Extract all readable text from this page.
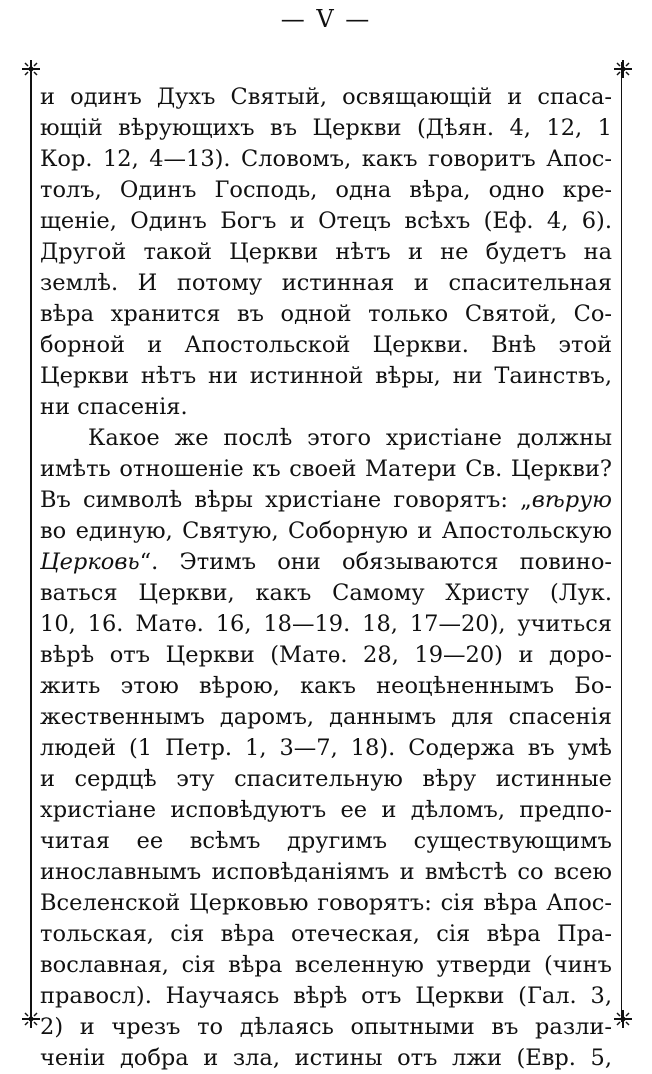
— V —
и одинъ Духъ Святый, освящающій и спаса-
ющій вѣрующихъ въ Церкви (Дѣян. 4, 12, 1
Кор. 12, 4—13). Словомъ, какъ говоритъ Апос-
толъ, Одинъ Господь, одна вѣра, одно кре-
щеніе, Одинъ Богъ и Отецъ всѣхъ (Еф. 4, 6).
Другой такой Церкви нѣтъ и не будетъ на
землѣ. И потому истинная и спасительная
вѣра хранится въ одной только Святой, Со-
борной и Апостольской Церкви. Внѣ этой
Церкви нѣтъ ни истинной вѣры, ни Таинствъ,
ни спасенія.
Какое же послѣ этого христіане должны
имѣть отношеніе къ своей Матери Св. Церкви?
Въ символѣ вѣры христіане говорятъ: „вѣрую
во единую, Святую, Соборную и Апостольскую
Церковь“. Этимъ они обязываются повино-
ваться Церкви, какъ Самому Христу (Лук.
10, 16. Матѳ. 16, 18—19. 18, 17—20), учиться
вѣрѣ отъ Церкви (Матѳ. 28, 19—20) и доро-
жить этою вѣрою, какъ неоцѣненнымъ Бо-
жественнымъ даромъ, даннымъ для спасенія
людей (1 Петр. 1, 3—7, 18). Содержа въ умѣ
и сердцѣ эту спасительную вѣру истинные
христіане исповѣдуютъ ее и дѣломъ, предпо-
читая ее всѣмъ другимъ существующимъ
инославнымъ исповѣданіямъ и вмѣстѣ со всею
Вселенской Церковью говорятъ: сія вѣра Апос-
тольская, сія вѣра отеческая, сія вѣра Пра-
вославная, сія вѣра вселенную утверди (чинъ
правосл). Научаясь вѣрѣ отъ Церкви (Гал. 3,
2) и чрезъ то дѣлаясь опытными въ разли-
ченіи добра и зла, истины отъ лжи (Евр. 5,
